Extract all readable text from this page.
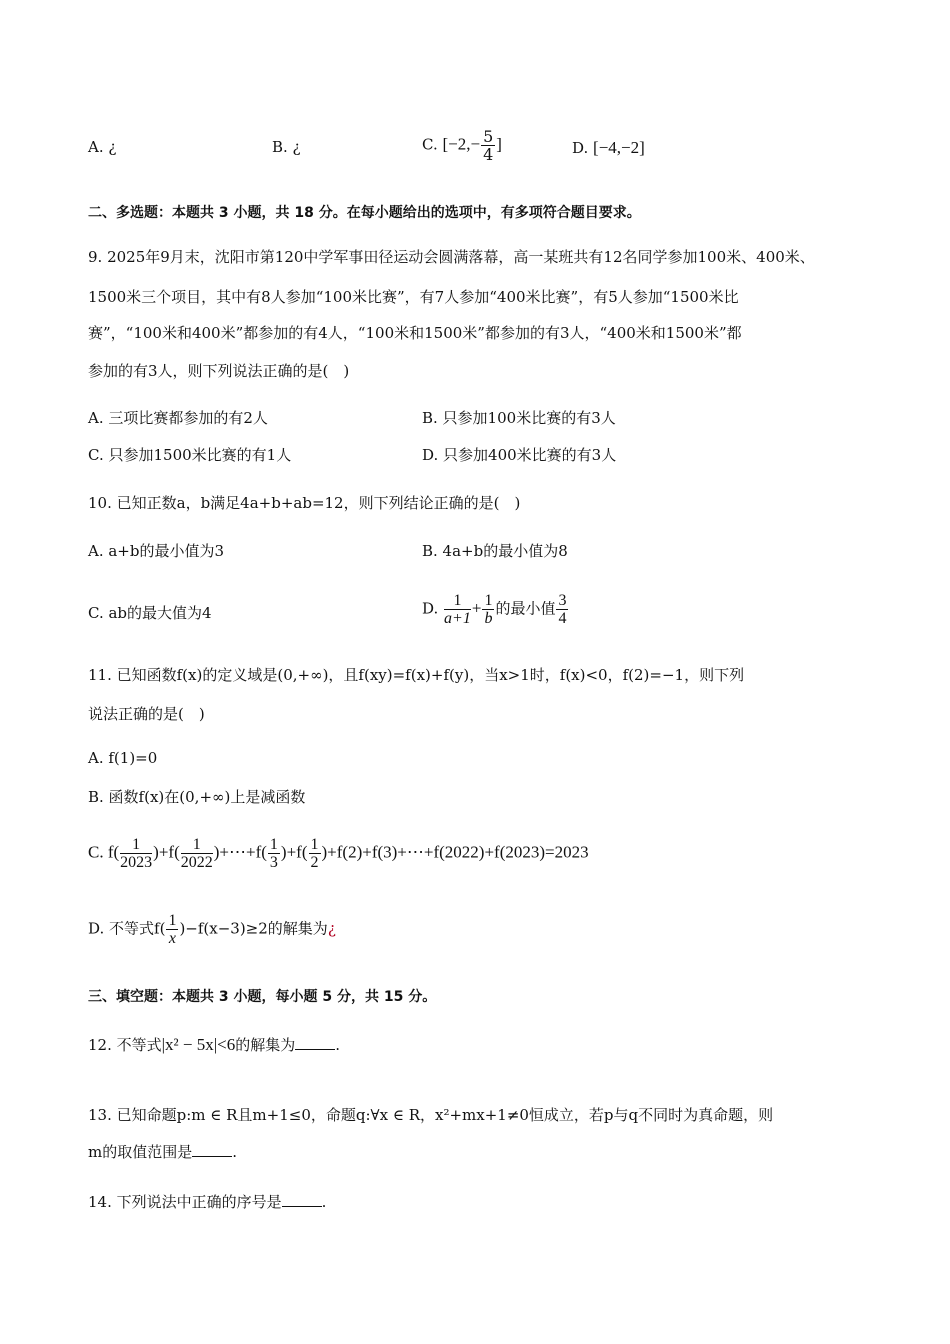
A. ¿	B. ¿	C. [$-2,- \frac{5}{4}$ ]	D. [−4,−2]
二、多选题：本题共 3 小题，共 18 分。在每小题给出的选项中，有多项符合题目要求。
9. 2025年9月末，沈阳市第120中学军事田径运动会圆满落幕，高一某班共有12名同学参加100米、400米、
1500米三个项目，其中有8人参加“100米比赛”，有7人参加“400米比赛”，有5人参加“1500米比
赛”，“100米和400米”都参加的有4人，“100米和1500米”都参加的有3人，“400米和1500米”都
参加的有3人，则下列说法正确的是(　)
A. 三项比赛都参加的有2人	B. 只参加100米比赛的有3人
C. 只参加1500米比赛的有1人	D. 只参加400米比赛的有3人
10. 已知正数a，b满足4a+b+ab=12，则下列结论正确的是(　)
A. a+b的最小值为3	B. 4a+b的最小值为8
C. ab的最大值为4	D. $\frac{1}{a+1} + \frac{1}{b}$ 的最小值 $\frac{3}{4}$
11. 已知函数f(x)的定义域是(0,+∞)，且f(xy)=f(x)+f(y)，当x>1时，f(x)<0，f(2)=−1，则下列
说法正确的是(　)
A. f(1)=0
B. 函数f(x)在(0,+∞)上是减函数
C. $f( \frac{1}{2023} )+f( \frac{1}{2022}$ )+⋯+f( $\frac{1}{3} )+f( \frac{1}{2}$ )+f(2)+f(3)+⋯+f(2022)+f(2023)=2023
D. 不等式$f( \frac{1}{x} )-f(x-3)\ge 2$的解集为¿
三、填空题：本题共 3 小题，每小题 5 分，共 15 分。
12. 不等式|x² − 5x|<6的解集为	.
13. 已知命题p:m ∈ R且m+1≤0，命题q:∀x ∈ R，x²+mx+1≠0恒成立，若p与q不同时为真命题，则
m的取值范围是	.
14. 下列说法中正确的序号是	.
